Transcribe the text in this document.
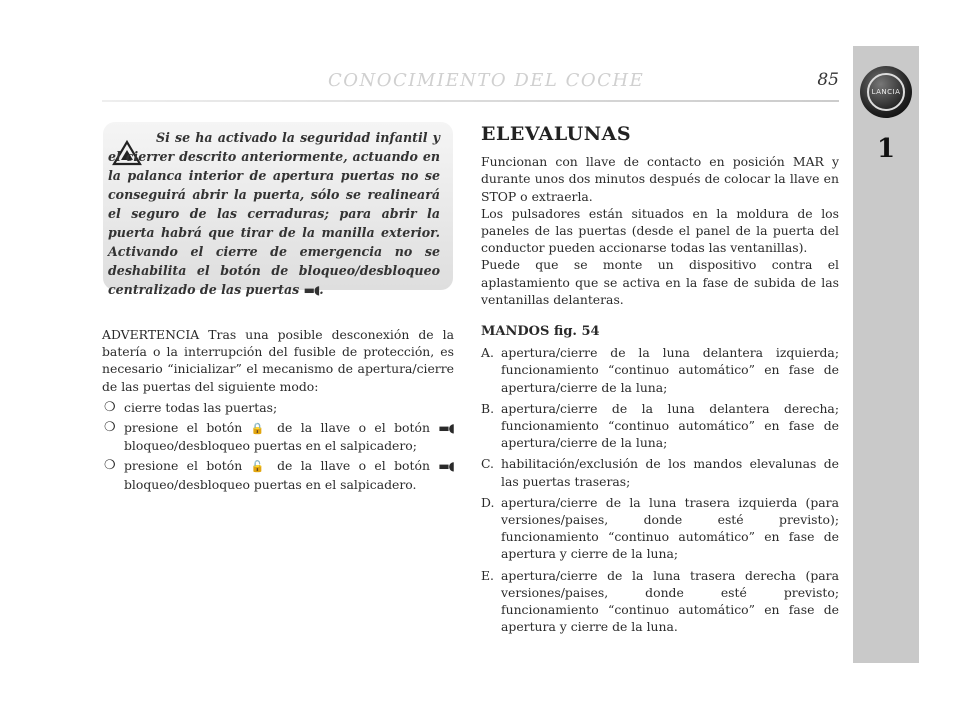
LANCIA
1
CONOCIMIENTO DEL COCHE	85
Si se ha activado la seguridad infantil y el cierrer descrito anteriormente, actuando en la palanca interior de apertura puertas no se conseguirá abrir la puerta, sólo se realineará el seguro de las cerraduras; para abrir la puerta habrá que tirar de la manilla exterior. Activando el cierre de emergencia no se deshabilita el botón de bloqueo/desbloqueo centralizado de las puertas ▬◖.

ADVERTENCIA Tras una posible desconexión de la batería o la interrupción del fusible de protección, es necesario “inicializar” el mecanismo de apertura/cierre de las puertas del siguiente modo:

❍ cierre todas las puertas;
❍ presione el botón 🔒 de la llave o el botón ▬◖ bloqueo/desbloqueo puertas en el salpicadero;
❍ presione el botón 🔓 de la llave o el botón ▬◖ bloqueo/desbloqueo puertas en el salpicadero.
ELEVALUNAS

Funcionan con llave de contacto en posición MAR y durante unos dos minutos después de colocar la llave en STOP o extraerla.

Los pulsadores están situados en la moldura de los paneles de las puertas (desde el panel de la puerta del conductor pueden accionarse todas las ventanillas).

Puede que se monte un dispositivo contra el aplastamiento que se activa en la fase de subida de las ventanillas delanteras.

MANDOS fig. 54
A. apertura/cierre de la luna delantera izquierda; funcionamiento “continuo automático” en fase de apertura/cierre de la luna;
B. apertura/cierre de la luna delantera derecha; funcionamiento “continuo automático” en fase de apertura/cierre de la luna;
C. habilitación/exclusión de los mandos elevalunas de las puertas traseras;
D. apertura/cierre de la luna trasera izquierda (para versiones/paises, donde esté previsto); funcionamiento “continuo automático” en fase de apertura y cierre de la luna;
E. apertura/cierre de la luna trasera derecha (para versiones/paises, donde esté previsto; funcionamiento “continuo automático” en fase de apertura y cierre de la luna.
